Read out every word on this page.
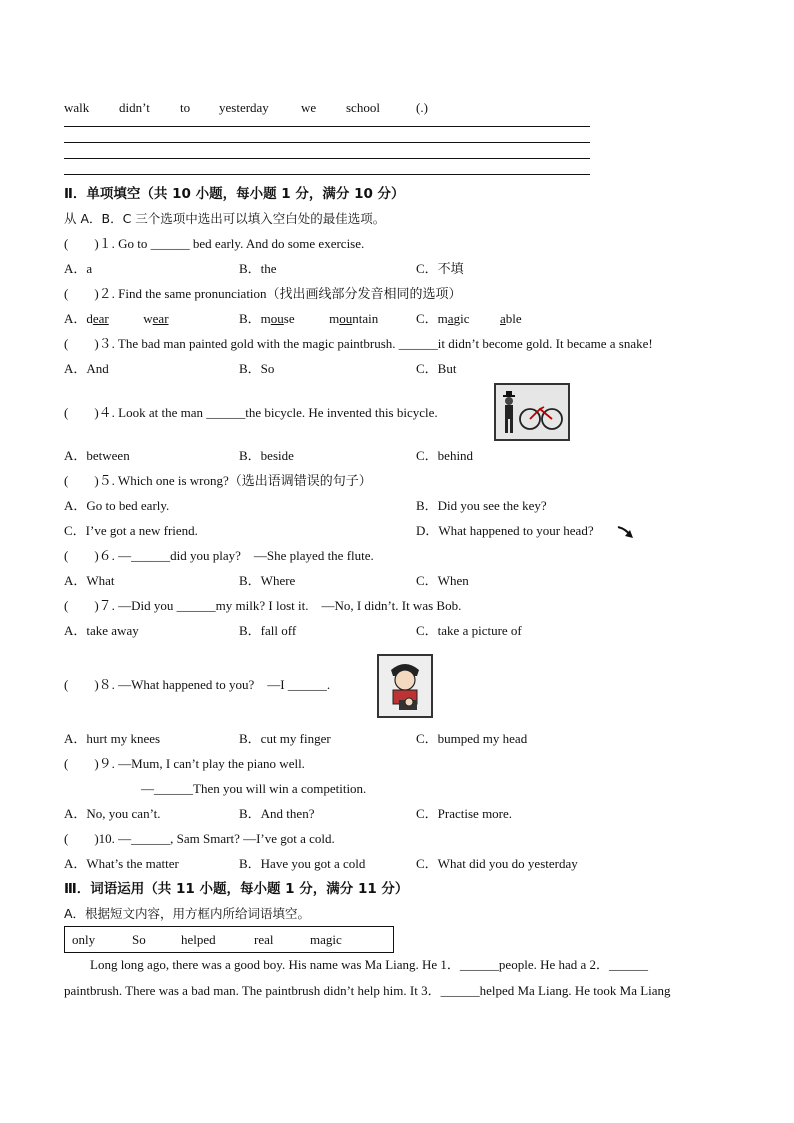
walk didn’t to yesterday we school	(.)
Ⅱ．单项填空（共 10 小题，每小题 1 分，满分 10 分）
从 A．B．C 三个选项中选出可以填入空白处的最佳选项。
(　　)１. Go to ______ bed early. And do some exercise.
A．a	B．the	C．不填
(　　)２. Find the same pronunciation（找出画线部分发音相同的选项）
A．dear	wear	B．mouse	mountain	C．magic able
(　　)３. The bad man painted gold with the magic paintbrush. ______it didn’t become gold. It became a snake!
A．And	B．So	C．But
(　　)４. Look at the man ______the bicycle. He invented this bicycle.
A．between	B．beside	C．behind
(　　)５. Which one is wrong?（选出语调错误的句子）
A．Go to bed early.	B．Did you see the key?
C．I’ve got a new friend.	D．What happened to your head?
(　　)６. —______did you play?　—She played the flute.
A．What	B．Where	C．When
(　　)７. —Did you ______my milk? I lost it.　—No, I didn’t. It was Bob.
A．take away	B．fall off	C．take a picture of
(　　)８. —What happened to you?　—I ______.
A．hurt my knees	B．cut my finger	C．bumped my head
(　　)９. —Mum, I can’t play the piano well.
—______Then you will win a competition.
A．No, you can’t.	B．And then?	C．Practise more.
(　　)10. —______, Sam Smart? —I’ve got a cold.
A．What’s the matter	B．Have you got a cold	C．What did you do yesterday
Ⅲ．词语运用（共 11 小题，每小题 1 分，满分 11 分）
A．根据短文内容，用方框内所给词语填空。
only	So	helped	real	magic
Long long ago, there was a good boy. His name was Ma Liang. He 1．______people. He had a 2．______
paintbrush. There was a bad man. The paintbrush didn’t help him. It 3．______helped Ma Liang. He took Ma Liang
